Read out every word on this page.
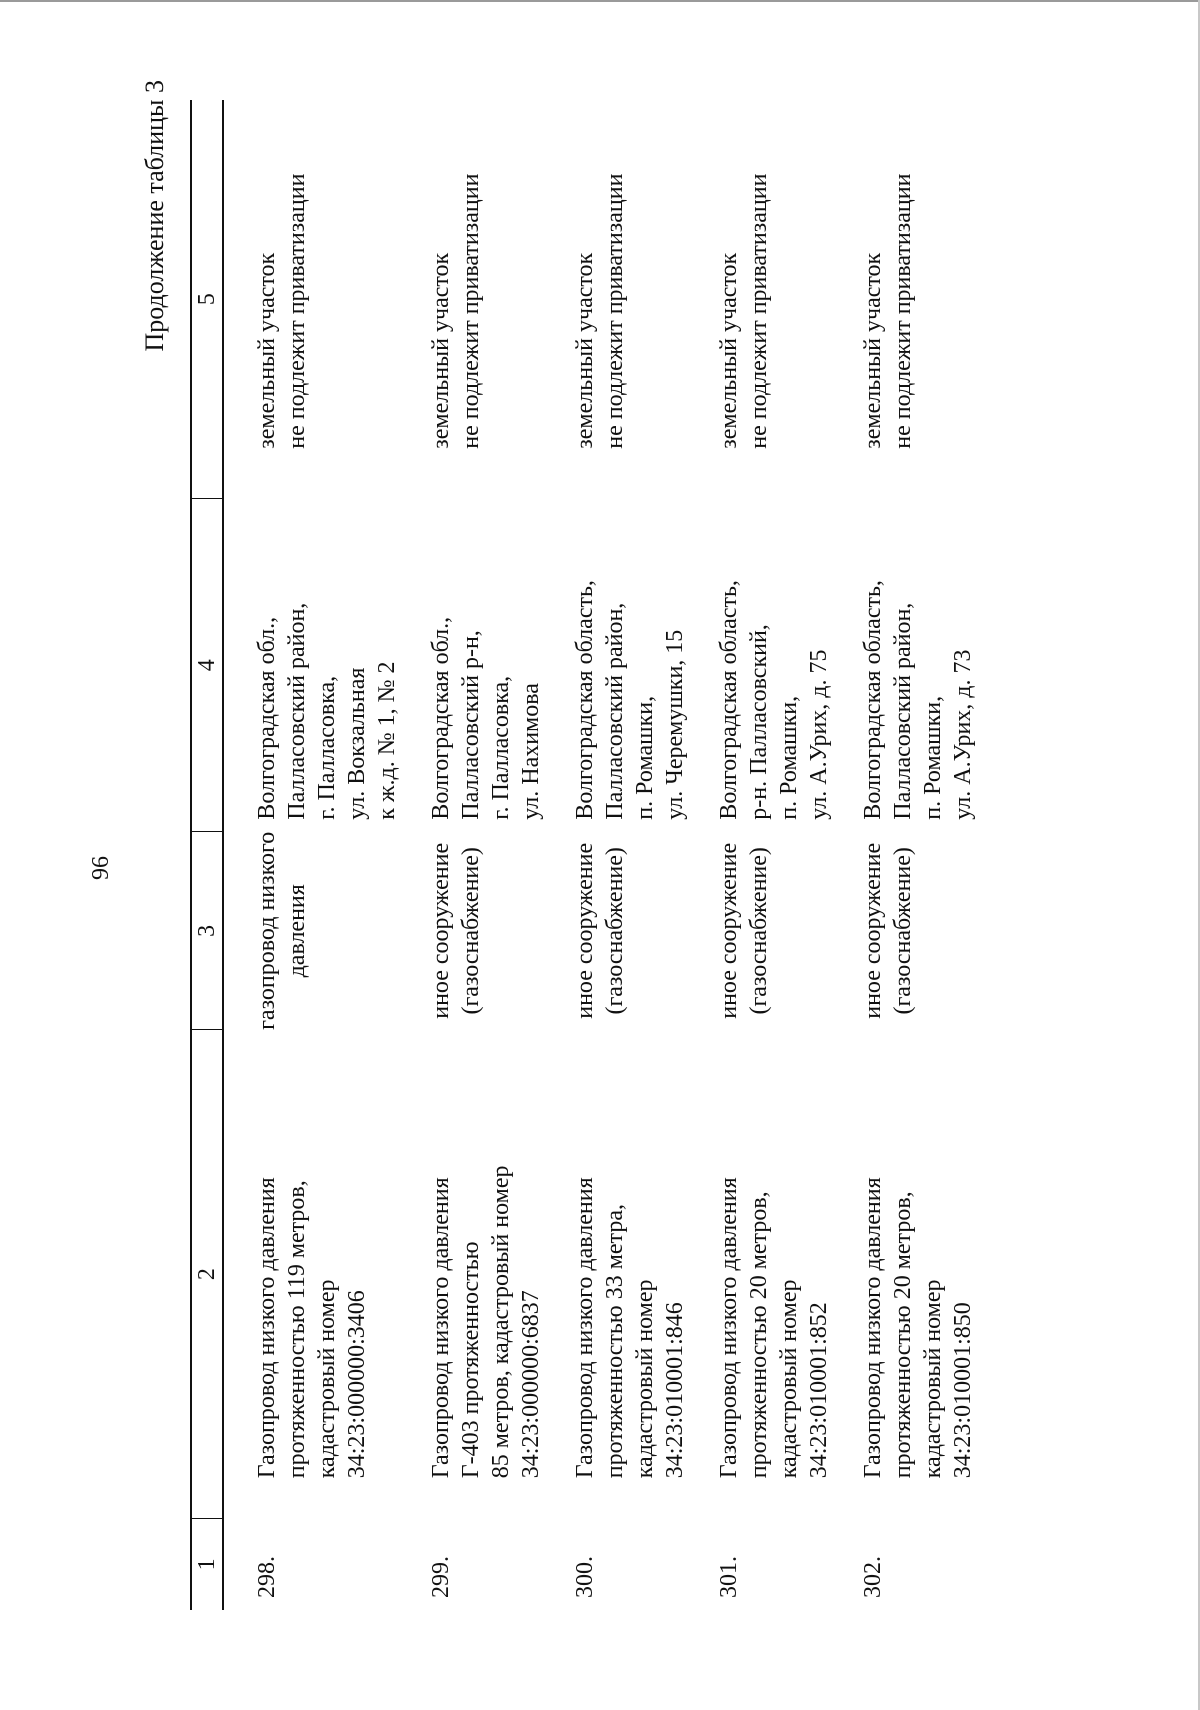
96
Продолжение таблицы 3
1	2	3	4	5
298.	Газопровод низкого давления протяженностью 119 метров, кадастровый номер 34:23:000000:3406	газопровод низкого давления	Волгоградская обл., Палласовский район, г. Палласовка, ул. Вокзальная к ж.д. № 1, № 2	земельный участок не подлежит приватизации

299.	Газопровод низкого давления Г-403 протяженностью 85 метров, кадастровый номер 34:23:000000:6837	иное сооружение (газоснабжение)	Волгоградская обл., Палласовский р-н, г. Палласовка, ул. Нахимова	земельный участок не подлежит приватизации

300.	Газопровод низкого давления протяженностью 33 метра, кадастровый номер 34:23:010001:846	иное сооружение (газоснабжение)	Волгоградская область, Палласовский район, п. Ромашки, ул. Черемушки, 15	земельный участок не подлежит приватизации

301.	Газопровод низкого давления протяженностью 20 метров, кадастровый номер 34:23:010001:852	иное сооружение (газоснабжение)	Волгоградская область, р-н. Палласовский, п. Ромашки, ул. А.Урих, д. 75	земельный участок не подлежит приватизации

302.	Газопровод низкого давления протяженностью 20 метров, кадастровый номер 34:23:010001:850	иное сооружение (газоснабжение)	Волгоградская область, Палласовский район, п. Ромашки, ул. А.Урих, д. 73	земельный участок не подлежит приватизации
